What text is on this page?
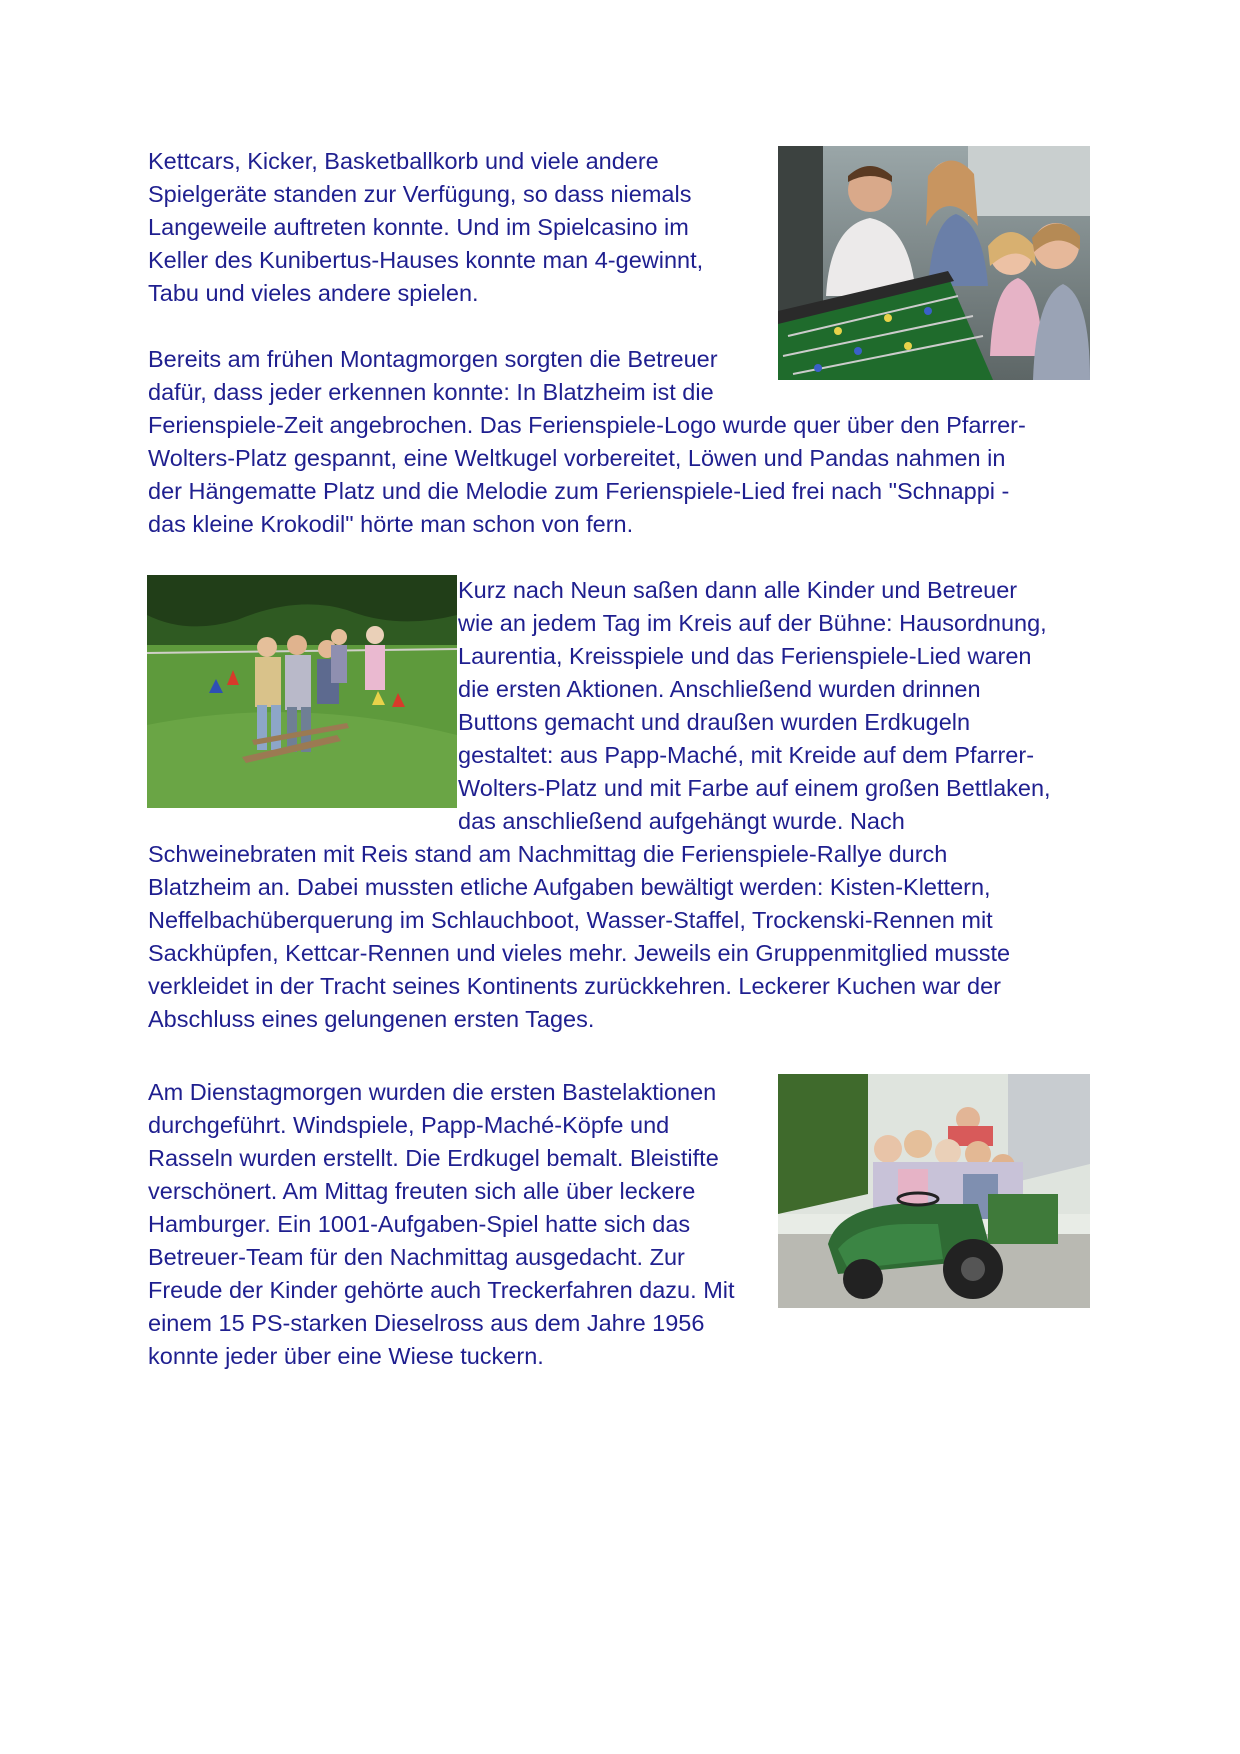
Kettcars, Kicker, Basketballkorb und viele andere
Spielgeräte standen zur Verfügung, so dass niemals
Langeweile auftreten konnte. Und im Spielcasino im
Keller des Kunibertus-Hauses konnte man 4-gewinnt,
Tabu und vieles andere spielen.
Bereits am frühen Montagmorgen sorgten die Betreuer
dafür, dass jeder erkennen konnte: In Blatzheim ist die
Ferienspiele-Zeit angebrochen. Das Ferienspiele-Logo wurde quer über den Pfarrer-
Wolters-Platz gespannt, eine Weltkugel vorbereitet, Löwen und Pandas nahmen in
der Hängematte Platz und die Melodie zum Ferienspiele-Lied frei nach "Schnappi -
das kleine Krokodil" hörte man schon von fern.
Kurz nach Neun saßen dann alle Kinder und Betreuer
wie an jedem Tag im Kreis auf der Bühne: Hausordnung,
Laurentia, Kreisspiele und das Ferienspiele-Lied waren
die ersten Aktionen. Anschließend wurden drinnen
Buttons gemacht und draußen wurden Erdkugeln
gestaltet: aus Papp-Maché, mit Kreide auf dem Pfarrer-
Wolters-Platz und mit Farbe auf einem großen Bettlaken,
das anschließend aufgehängt wurde. Nach
Schweinebraten mit Reis stand am Nachmittag die Ferienspiele-Rallye durch
Blatzheim an. Dabei mussten etliche Aufgaben bewältigt werden: Kisten-Klettern,
Neffelbachüberquerung im Schlauchboot, Wasser-Staffel, Trockenski-Rennen mit
Sackhüpfen, Kettcar-Rennen und vieles mehr. Jeweils ein Gruppenmitglied musste
verkleidet in der Tracht seines Kontinents zurückkehren. Leckerer Kuchen war der
Abschluss eines gelungenen ersten Tages.
Am Dienstagmorgen wurden die ersten Bastelaktionen
durchgeführt. Windspiele, Papp-Maché-Köpfe und
Rasseln wurden erstellt. Die Erdkugel bemalt. Bleistifte
verschönert. Am Mittag freuten sich alle über leckere
Hamburger. Ein 1001-Aufgaben-Spiel hatte sich das
Betreuer-Team für den Nachmittag ausgedacht. Zur
Freude der Kinder gehörte auch Treckerfahren dazu. Mit
einem 15 PS-starken Dieselross aus dem Jahre 1956
konnte jeder über eine Wiese tuckern.
